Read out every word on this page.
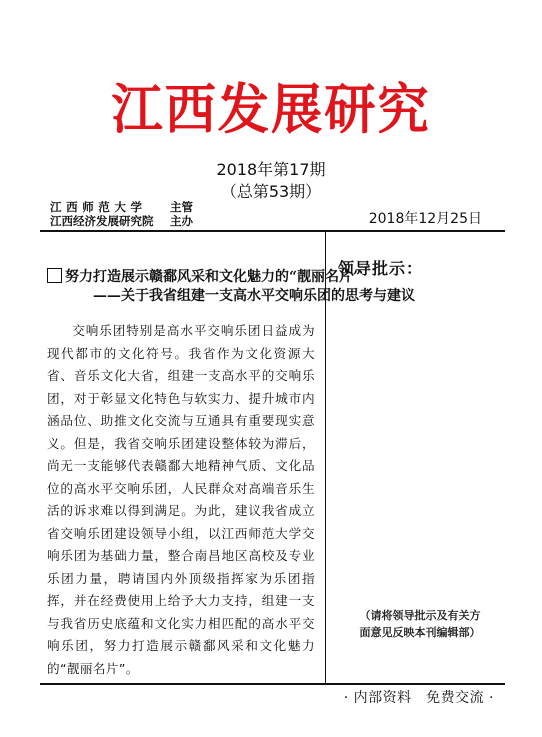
江西发展研究
2018年第17期
（总第53期）
江西师范大学 主管
江西经济发展研究院 主办	2018年12月25日
努力打造展示赣鄱风采和文化魅力的“靓丽名片”
——关于我省组建一支高水平交响乐团的思考与建议
交响乐团特别是高水平交响乐团日益成为现代都市的文化符号。我省作为文化资源大省、音乐文化大省，组建一支高水平的交响乐团，对于彰显文化特色与软实力、提升城市内涵品位、助推文化交流与互通具有重要现实意义。但是，我省交响乐团建设整体较为滞后，尚无一支能够代表赣鄱大地精神气质、文化品位的高水平交响乐团，人民群众对高端音乐生活的诉求难以得到满足。为此，建议我省成立省交响乐团建设领导小组，以江西师范大学交响乐团为基础力量，整合南昌地区高校及专业乐团力量，聘请国内外顶级指挥家为乐团指挥，并在经费使用上给予大力支持，组建一支与我省历史底蕴和文化实力相匹配的高水平交响乐团，努力打造展示赣鄱风采和文化魅力的“靓丽名片”。
领导批示：
（请将领导批示及有关方
面意见反映本刊编辑部）
· 内部资料　免费交流 ·
